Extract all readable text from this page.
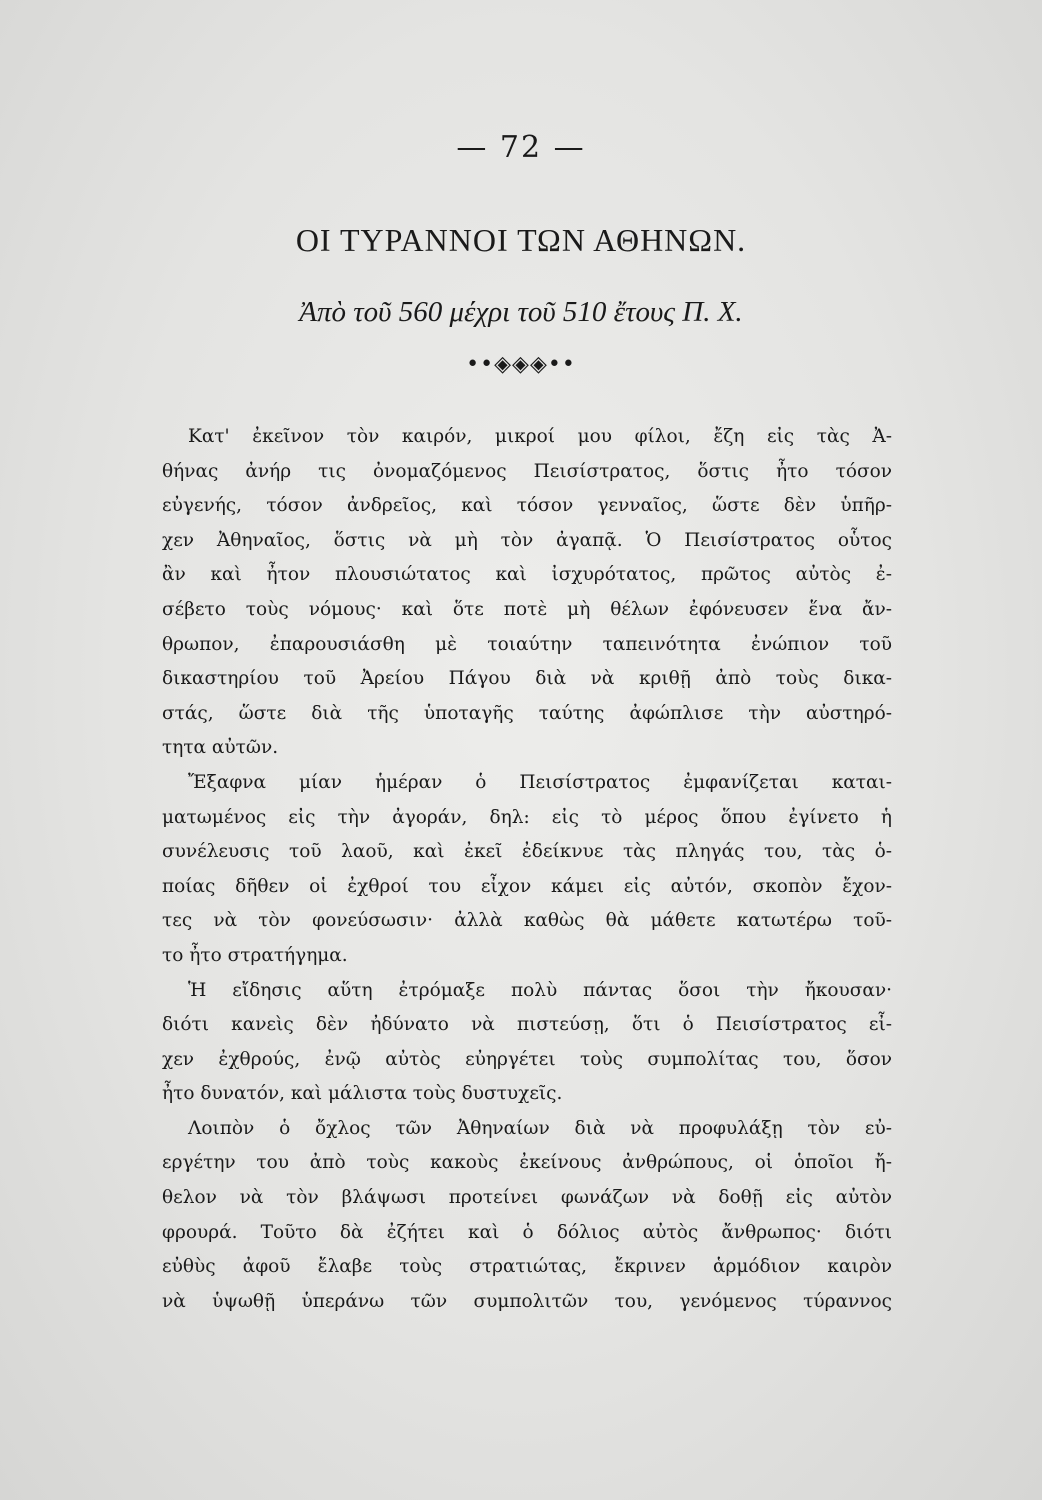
— 72 —
ΟΙ ΤΥΡΑΝΝΟΙ ΤΩΝ ΑΘΗΝΩΝ.
Ἀπὸ τοῦ 560 μέχρι τοῦ 510 ἔτους Π. Χ.
••◈◈◈••
Κατ' ἐκεῖνον τὸν καιρόν, μικροί μου φίλοι, ἔζη εἰς τὰς Ἀ-
θήνας ἀνήρ τις ὀνομαζόμενος Πεισίστρατος, ὅστις ἦτο τόσον
εὐγενής, τόσον ἀνδρεῖος, καὶ τόσον γενναῖος, ὥστε δὲν ὑπῆρ-
χεν Ἀθηναῖος, ὅστις νὰ μὴ τὸν ἀγαπᾷ. Ὁ Πεισίστρατος οὗτος
ἂν καὶ ἦτον πλουσιώτατος καὶ ἰσχυρότατος, πρῶτος αὐτὸς ἐ-
σέβετο τοὺς νόμους· καὶ ὅτε ποτὲ μὴ θέλων ἐφόνευσεν ἕνα ἄν-
θρωπον, ἐπαρουσιάσθη μὲ τοιαύτην ταπεινότητα ἐνώπιον τοῦ
δικαστηρίου τοῦ Ἀρείου Πάγου διὰ νὰ κριθῇ ἀπὸ τοὺς δικα-
στάς, ὥστε διὰ τῆς ὑποταγῆς ταύτης ἀφώπλισε τὴν αὐστηρό-
τητα αὐτῶν.
Ἔξαφνα μίαν ἡμέραν ὁ Πεισίστρατος ἐμφανίζεται καται-
ματωμένος εἰς τὴν ἀγοράν, δηλ: εἰς τὸ μέρος ὅπου ἐγίνετο ἡ
συνέλευσις τοῦ λαοῦ, καὶ ἐκεῖ ἐδείκνυε τὰς πληγάς του, τὰς ὁ-
ποίας δῆθεν οἱ ἐχθροί του εἶχον κάμει εἰς αὐτόν, σκοπὸν ἔχον-
τες νὰ τὸν φονεύσωσιν· ἀλλὰ καθὼς θὰ μάθετε κατωτέρω τοῦ-
το ἦτο στρατήγημα.
Ἡ εἴδησις αὕτη ἐτρόμαξε πολὺ πάντας ὅσοι τὴν ἤκουσαν·
διότι κανεὶς δὲν ἠδύνατο νὰ πιστεύσῃ, ὅτι ὁ Πεισίστρατος εἶ-
χεν ἐχθρούς, ἐνῷ αὐτὸς εὐηργέτει τοὺς συμπολίτας του, ὅσον
ἦτο δυνατόν, καὶ μάλιστα τοὺς δυστυχεῖς.
Λοιπὸν ὁ ὄχλος τῶν Ἀθηναίων διὰ νὰ προφυλάξῃ τὸν εὐ-
εργέτην του ἀπὸ τοὺς κακοὺς ἐκείνους ἀνθρώπους, οἱ ὁποῖοι ἤ-
θελον νὰ τὸν βλάψωσι προτείνει φωνάζων νὰ δοθῇ εἰς αὐτὸν
φρουρά. Τοῦτο δὰ ἐζήτει καὶ ὁ δόλιος αὐτὸς ἄνθρωπος· διότι
εὐθὺς ἀφοῦ ἔλαβε τοὺς στρατιώτας, ἔκρινεν ἁρμόδιον καιρὸν
νὰ ὑψωθῇ ὑπεράνω τῶν συμπολιτῶν του, γενόμενος τύραννος
